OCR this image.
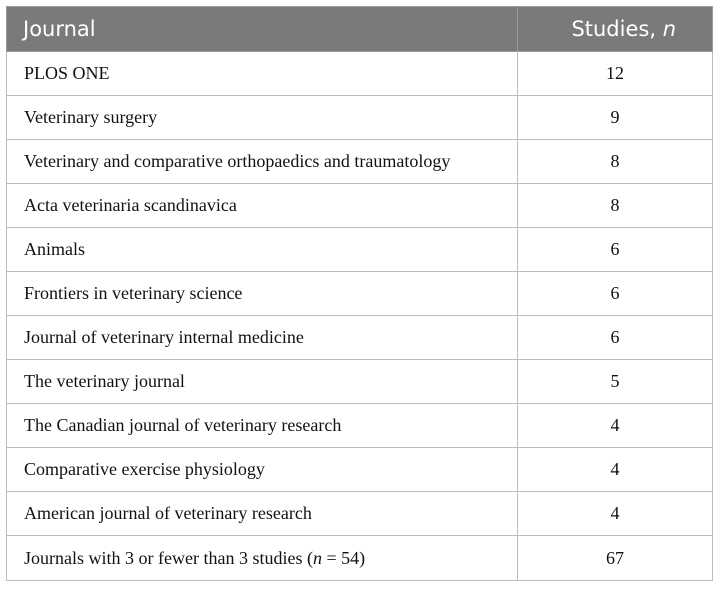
Journal	Studies, n
PLOS ONE	12
Veterinary surgery	9
Veterinary and comparative orthopaedics and traumatology	8
Acta veterinaria scandinavica	8
Animals	6
Frontiers in veterinary science	6
Journal of veterinary internal medicine	6
The veterinary journal	5
The Canadian journal of veterinary research	4
Comparative exercise physiology	4
American journal of veterinary research	4
Journals with 3 or fewer than 3 studies (n = 54)	67
